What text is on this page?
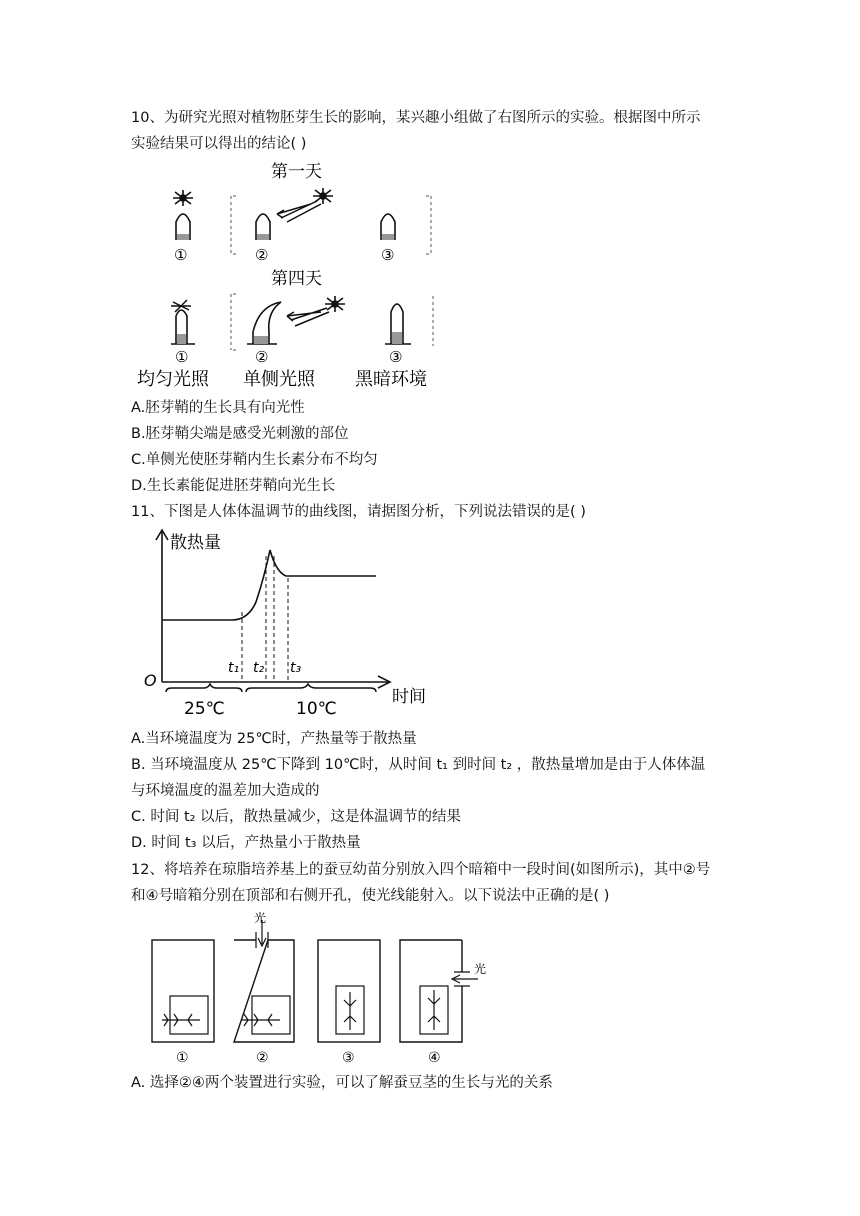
10、为研究光照对植物胚芽生长的影响，某兴趣小组做了右图所示的实验。根据图中所示
实验结果可以得出的结论( )
第一天
第四天
①	②	③
①	②	③
均匀光照 单侧光照 黑暗环境
A.胚芽鞘的生长具有向光性
B.胚芽鞘尖端是感受光刺激的部位
C.单侧光使胚芽鞘内生长素分布不均匀
D.生长素能促进胚芽鞘向光生长
11、下图是人体体温调节的曲线图，请据图分析，下列说法错误的是( )
散热量
O
时间
t₁ t₂ t₃
25℃	10℃
A.当环境温度为 25℃时，产热量等于散热量
B. 当环境温度从 25℃下降到 10℃时，从时间 t₁ 到时间 t₂ ，散热量增加是由于人体体温
与环境温度的温差加大造成的
C. 时间 t₂ 以后，散热量减少，这是体温调节的结果
D. 时间 t₃ 以后，产热量小于散热量
12、将培养在琼脂培养基上的蚕豆幼苗分别放入四个暗箱中一段时间(如图所示)，其中②号
和④号暗箱分别在顶部和右侧开孔，使光线能射入。以下说法中正确的是( )
光
光
①	②	③	④
A. 选择②④两个装置进行实验，可以了解蚕豆茎的生长与光的关系
